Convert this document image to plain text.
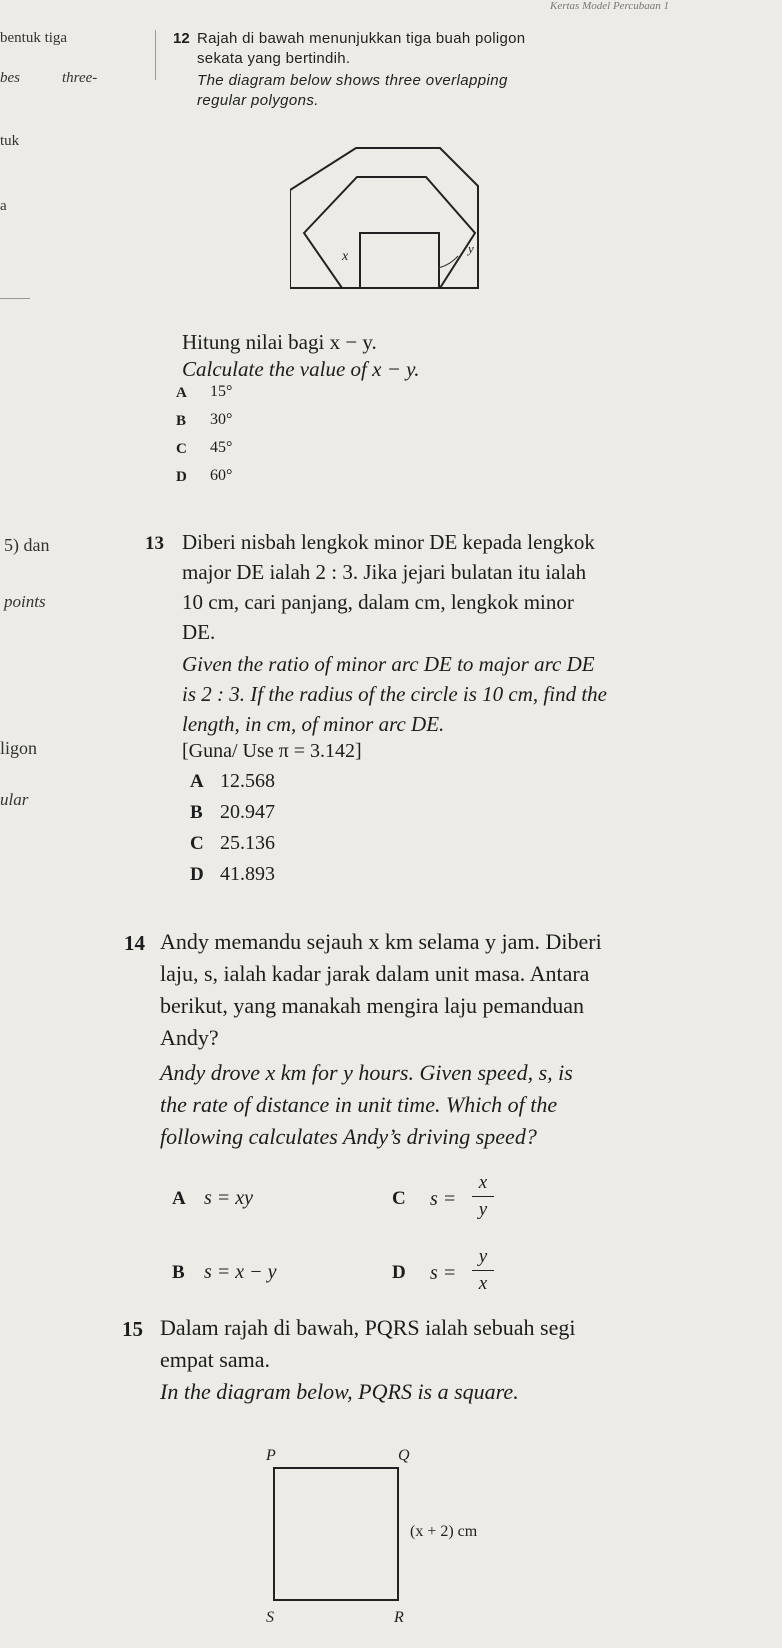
Kertas Model Percubaan 1
bentuk tiga
bes	three-
tuk
a
5) dan
points
ligon
ular
12 Rajah di bawah menunjukkan tiga buah poligon
sekata yang bertindih.
The diagram below shows three overlapping
regular polygons.
x
y
Hitung nilai bagi x − y.
Calculate the value of x − y.
A 15°
B 30°
C 45°
D 60°
13 Diberi nisbah lengkok minor DE kepada lengkok
major DE ialah 2 : 3. Jika jejari bulatan itu ialah
10 cm, cari panjang, dalam cm, lengkok minor
DE.
Given the ratio of minor arc DE to major arc DE
is 2 : 3. If the radius of the circle is 10 cm, find the
length, in cm, of minor arc DE.
[Guna/ Use π = 3.142]
A 12.568
B 20.947
C 25.136
D 41.893
14 Andy memandu sejauh x km selama y jam. Diberi
laju, s, ialah kadar jarak dalam unit masa. Antara
berikut, yang manakah mengira laju pemanduan
Andy?
Andy drove x km for y hours. Given speed, s, is
the rate of distance in unit time. Which of the
following calculates Andy’s driving speed?
A s = xy
B s = x − y
C s =
x
y
D s =
y
x
15 Dalam rajah di bawah, PQRS ialah sebuah segi
empat sama.
In the diagram below, PQRS is a square.
P	Q
R
S
(x + 2) cm
